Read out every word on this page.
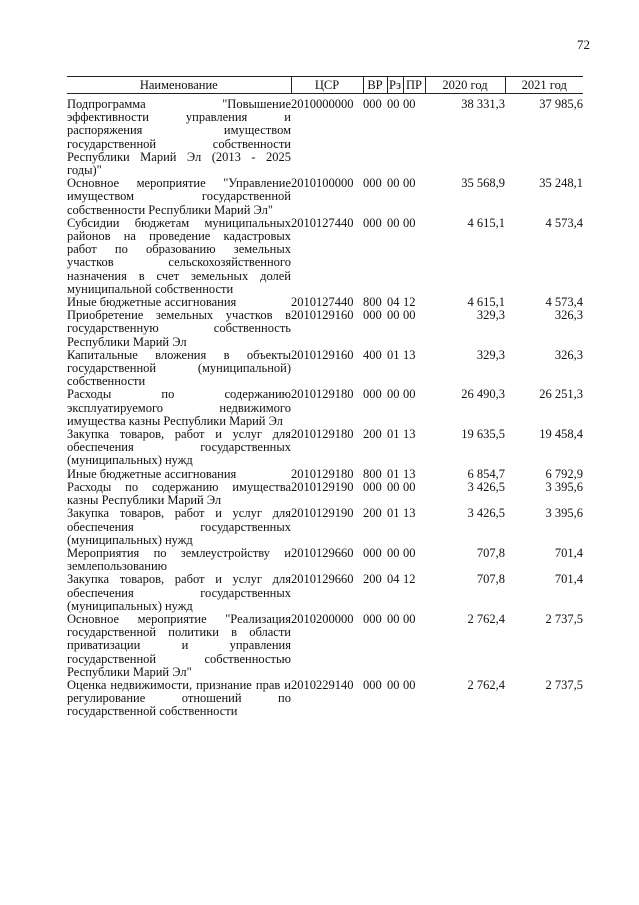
72
Наименование	ЦСР	ВР	Рз	ПР	2020 год	2021 год

Подпрограмма "Повышение эффективности управления и распоряжения имуществом государственной собственности Республики Марий Эл (2013 - 2025 годы)"	2010000000	000	00	00	38 331,3	37 985,6
Основное мероприятие "Управление имуществом государственной собственности Республики Марий Эл"	2010100000	000	00	00	35 568,9	35 248,1
Субсидии бюджетам муниципальных районов на проведение кадастровых работ по образованию земельных участков сельскохозяйственного назначения в счет земельных долей муниципальной собственности	2010127440	000	00	00	4 615,1	4 573,4
Иные бюджетные ассигнования	2010127440	800	04	12	4 615,1	4 573,4
Приобретение земельных участков в государственную собственность Республики Марий Эл	2010129160	000	00	00	329,3	326,3
Капитальные вложения в объекты государственной (муниципальной) собственности	2010129160	400	01	13	329,3	326,3
Расходы по содержанию эксплуатируемого недвижимого имущества казны Республики Марий Эл	2010129180	000	00	00	26 490,3	26 251,3
Закупка товаров, работ и услуг для обеспечения государственных (муниципальных) нужд	2010129180	200	01	13	19 635,5	19 458,4
Иные бюджетные ассигнования	2010129180	800	01	13	6 854,7	6 792,9
Расходы по содержанию имущества казны Республики Марий Эл	2010129190	000	00	00	3 426,5	3 395,6
Закупка товаров, работ и услуг для обеспечения государственных (муниципальных) нужд	2010129190	200	01	13	3 426,5	3 395,6
Мероприятия по землеустройству и землепользованию	2010129660	000	00	00	707,8	701,4
Закупка товаров, работ и услуг для обеспечения государственных (муниципальных) нужд	2010129660	200	04	12	707,8	701,4
Основное мероприятие "Реализация государственной политики в области приватизации и управления государственной собственностью Республики Марий Эл"	2010200000	000	00	00	2 762,4	2 737,5
Оценка недвижимости, признание прав и регулирование отношений по государственной собственности	2010229140	000	00	00	2 762,4	2 737,5
